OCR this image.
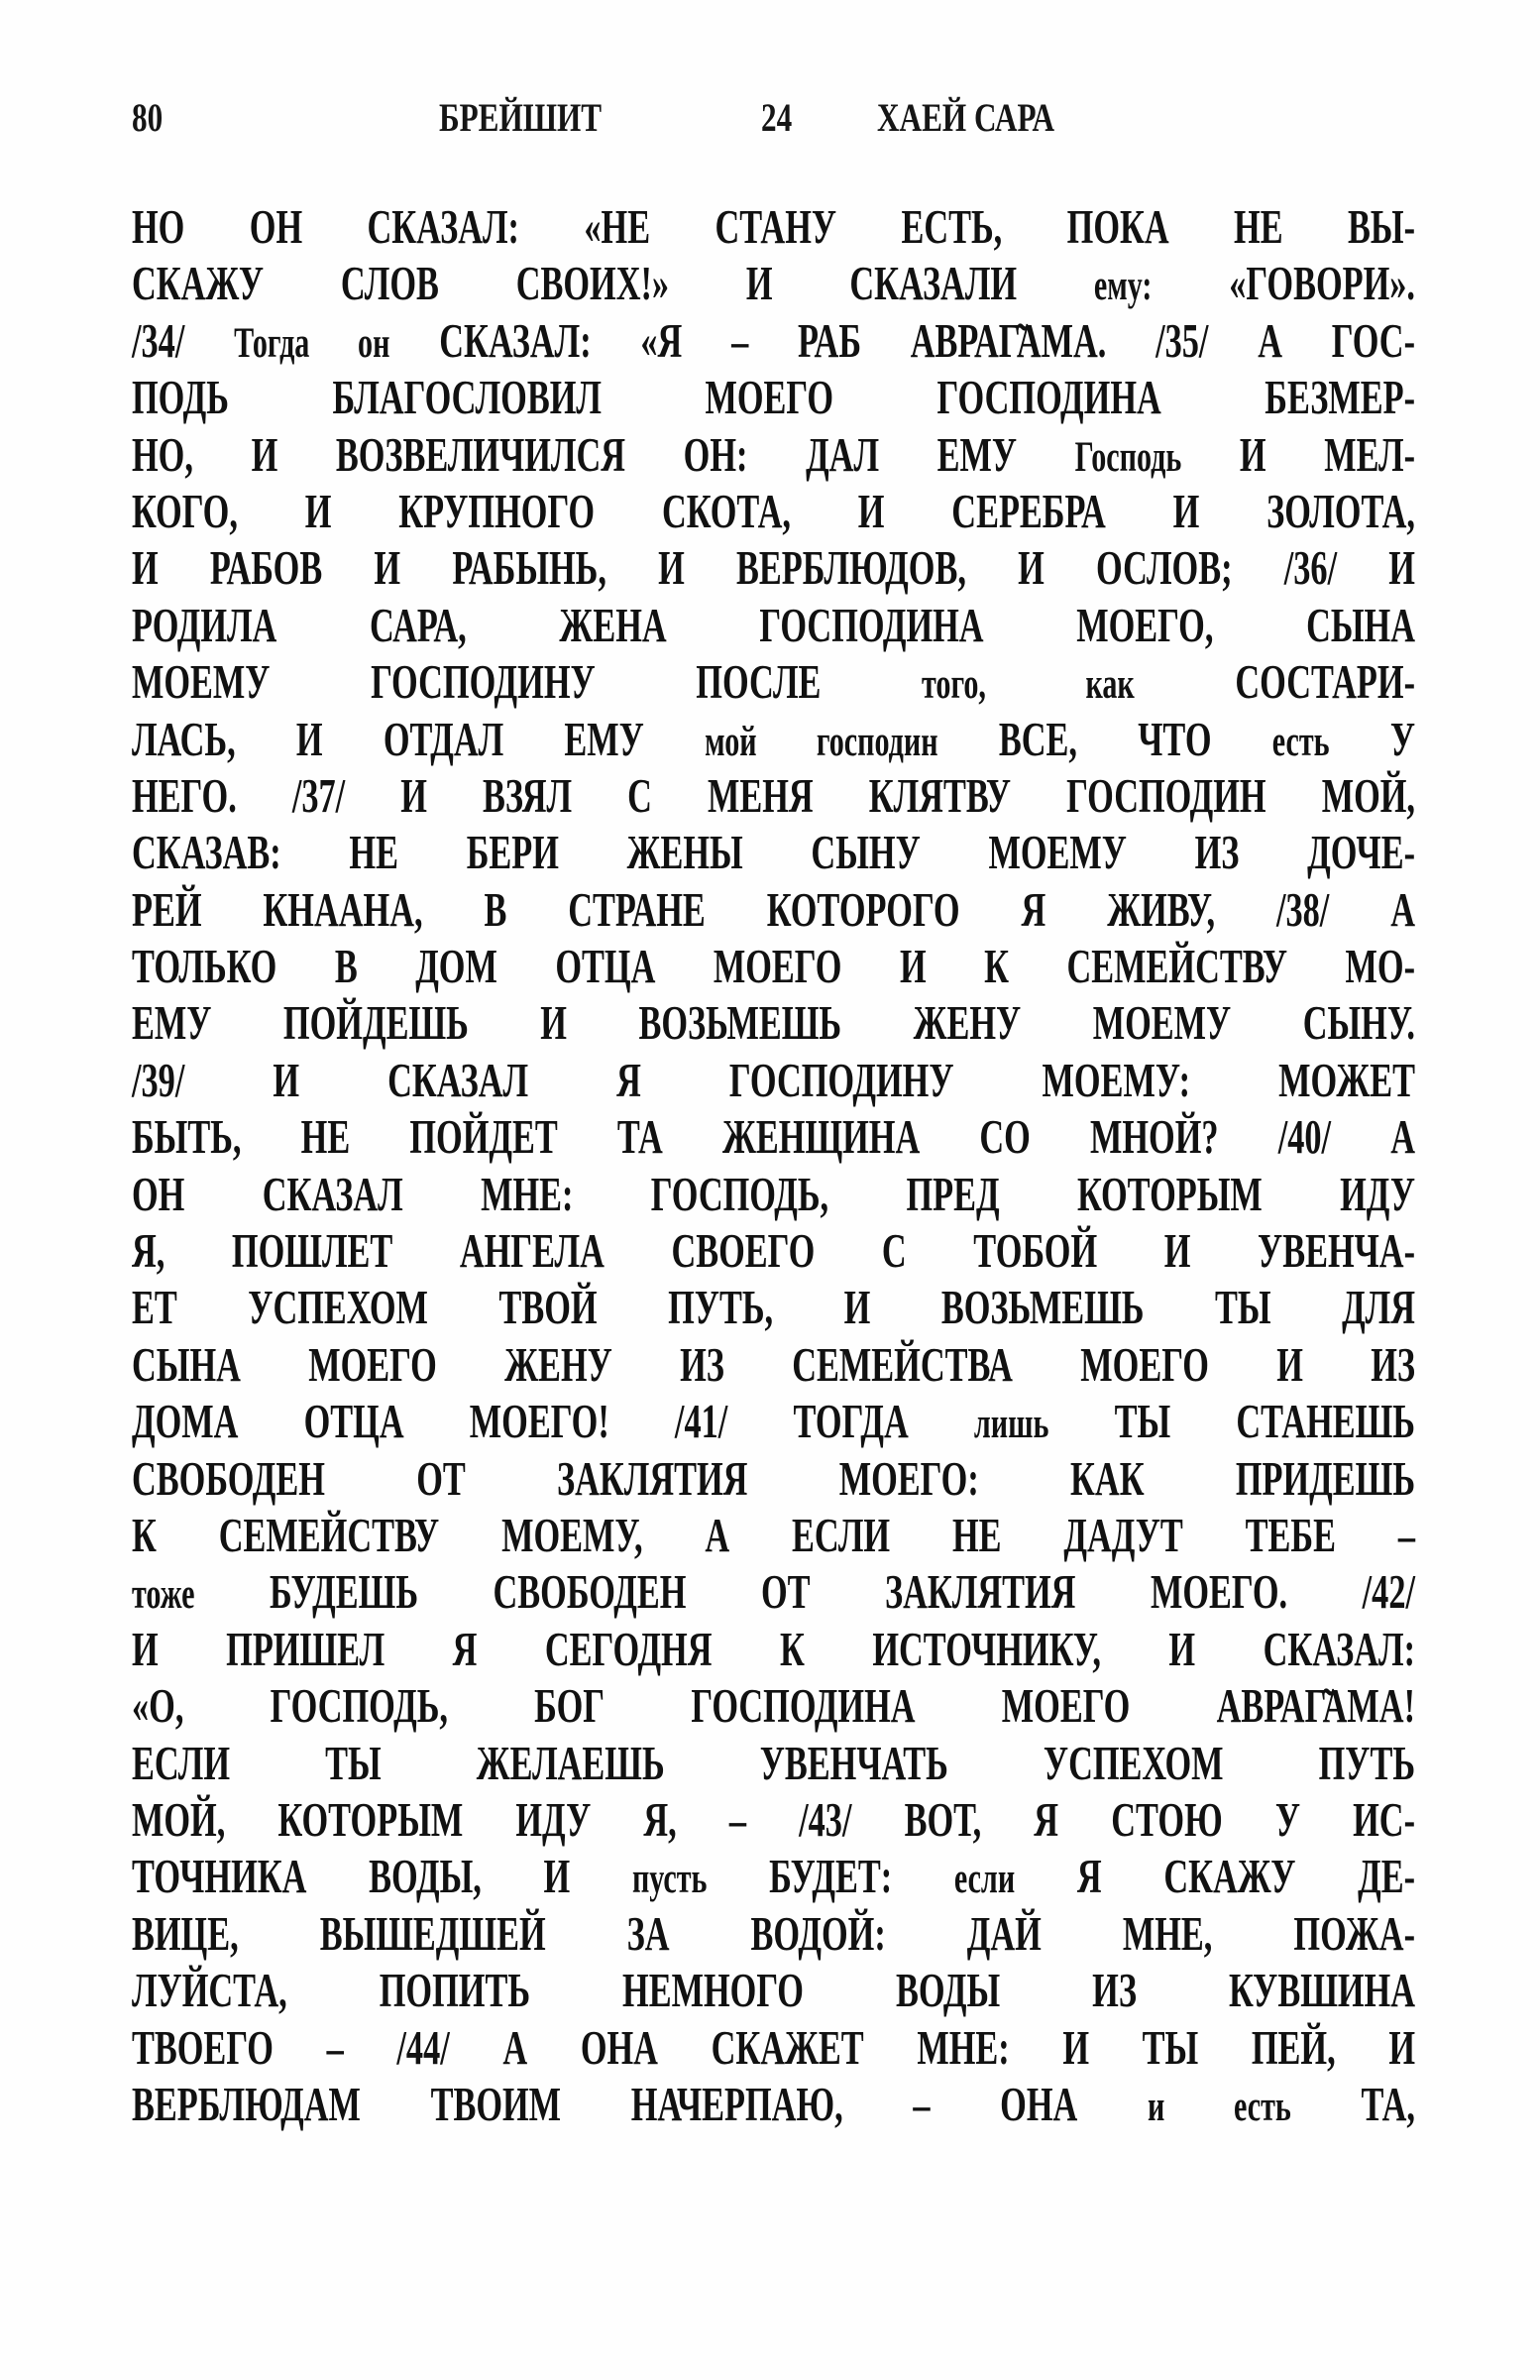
80	БРЕЙШИТ	24 ХАЕЙ САРА
НО ОН СКАЗАЛ: «НЕ СТАНУ ЕСТЬ, ПОКА НЕ ВЫ-
СКАЖУ СЛОВ СВОИХ!» И СКАЗАЛИ ему: «ГОВОРИ».
/34/ Тогда он СКАЗАЛ: «Я – РАБ АВРАГ̃АМА. /35/ А ГОС-
ПОДЬ БЛАГОСЛОВИЛ МОЕГО ГОСПОДИНА БЕЗМЕР-
НО, И ВОЗВЕЛИЧИЛСЯ ОН: ДАЛ ЕМУ Господь И МЕЛ-
КОГО, И КРУПНОГО СКОТА, И СЕРЕБРА И ЗОЛОТА,
И РАБОВ И РАБЫНЬ, И ВЕРБЛЮДОВ, И ОСЛОВ; /36/ И
РОДИЛА САРА, ЖЕНА ГОСПОДИНА МОЕГО, СЫНА
МОЕМУ ГОСПОДИНУ ПОСЛЕ того, как СОСТАРИ-
ЛАСЬ, И ОТДАЛ ЕМУ мой господин ВСЕ, ЧТО есть У
НЕГО. /37/ И ВЗЯЛ С МЕНЯ КЛЯТВУ ГОСПОДИН МОЙ,
СКАЗАВ: НЕ БЕРИ ЖЕНЫ СЫНУ МОЕМУ ИЗ ДОЧЕ-
РЕЙ КНААНА, В СТРАНЕ КОТОРОГО Я ЖИВУ, /38/ А
ТОЛЬКО В ДОМ ОТЦА МОЕГО И К СЕМЕЙСТВУ МО-
ЕМУ ПОЙДЕШЬ И ВОЗЬМЕШЬ ЖЕНУ МОЕМУ СЫНУ.
/39/ И СКАЗАЛ Я ГОСПОДИНУ МОЕМУ: МОЖЕТ
БЫТЬ, НЕ ПОЙДЕТ ТА ЖЕНЩИНА СО МНОЙ? /40/ А
ОН СКАЗАЛ МНЕ: ГОСПОДЬ, ПРЕД КОТОРЫМ ИДУ
Я, ПОШЛЕТ АНГЕЛА СВОЕГО С ТОБОЙ И УВЕНЧА-
ЕТ УСПЕХОМ ТВОЙ ПУТЬ, И ВОЗЬМЕШЬ ТЫ ДЛЯ
СЫНА МОЕГО ЖЕНУ ИЗ СЕМЕЙСТВА МОЕГО И ИЗ
ДОМА ОТЦА МОЕГО! /41/ ТОГДА лишь ТЫ СТАНЕШЬ
СВОБОДЕН ОТ ЗАКЛЯТИЯ МОЕГО: КАК ПРИДЕШЬ
К СЕМЕЙСТВУ МОЕМУ, А ЕСЛИ НЕ ДАДУТ ТЕБЕ –
тоже БУДЕШЬ СВОБОДЕН ОТ ЗАКЛЯТИЯ МОЕГО. /42/
И ПРИШЕЛ Я СЕГОДНЯ К ИСТОЧНИКУ, И СКАЗАЛ:
«О, ГОСПОДЬ, БОГ ГОСПОДИНА МОЕГО АВРАГ̃АМА!
ЕСЛИ ТЫ ЖЕЛАЕШЬ УВЕНЧАТЬ УСПЕХОМ ПУТЬ
МОЙ, КОТОРЫМ ИДУ Я, – /43/ ВОТ, Я СТОЮ У ИС-
ТОЧНИКА ВОДЫ, И пусть БУДЕТ: если Я СКАЖУ ДЕ-
ВИЦЕ, ВЫШЕДШЕЙ ЗА ВОДОЙ: ДАЙ МНЕ, ПОЖА-
ЛУЙСТА, ПОПИТЬ НЕМНОГО ВОДЫ ИЗ КУВШИНА
ТВОЕГО – /44/ А ОНА СКАЖЕТ МНЕ: И ТЫ ПЕЙ, И
ВЕРБЛЮДАМ ТВОИМ НАЧЕРПАЮ, – ОНА и есть ТА,
